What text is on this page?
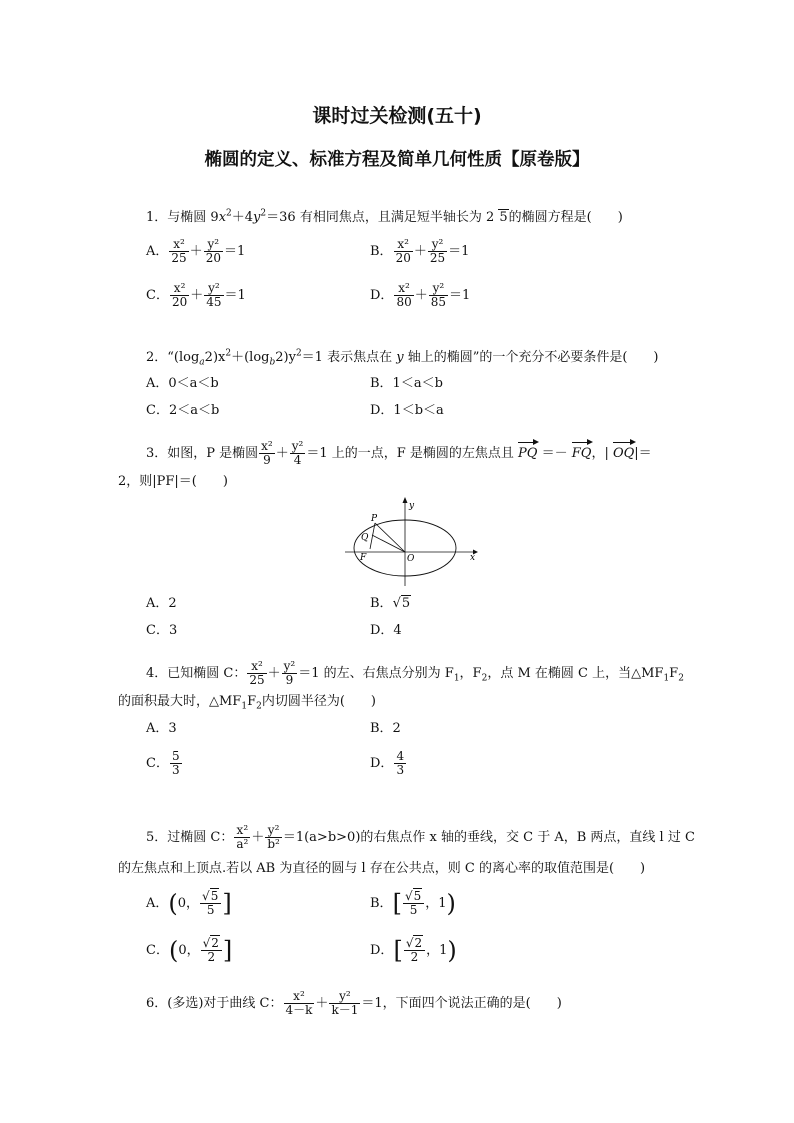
课时过关检测(五十)
椭圆的定义、标准方程及简单几何性质【原卷版】
1．与椭圆 $9x^2+4y^2=36$ 有相同焦点，且满足短半轴长为 2 5的椭圆方程是(　　)
A． $\frac{\text{x²}}{25} + \frac{\text{y²}}{20} =1$	B． $\frac{\text{x²}}{20} + \frac{\text{y²}}{25} =1$
C． $\frac{\text{x²}}{20} + \frac{\text{y²}}{45} =1$	D． $\frac{\text{x²}}{80} + \frac{\text{y²}}{85} =1$
2．“$(\log_a2)x^2+(\log_b2)y^2=1$ 表示焦点在 y 轴上的椭圆”的一个充分不必要条件是(　　)
A．0＜a＜b	B．1＜a＜b
C．2＜a＜b	D．1＜b＜a
3．如图，P 是椭圆 $\frac{\text{x²}}{9} + \frac{\text{y²}}{4} =1$ 上的一点，F 是椭圆的左焦点且 PQ ＝－ FQ，| OQ|＝
2，则|PF|＝(　　)
y
x
P
Q
F	O
A．2	B．√5
C．3	D．4
4．已知椭圆 C： $\frac{\text{x²}}{25} + \frac{\text{y²}}{9} =1$ 的左、右焦点分别为 $F_1$，$F_2$，点 M 在椭圆 C 上，当$\triangle MF_1F_2$
的面积最大时，$\triangle MF_1F_2$内切圆半径为(　　)
A．3	B．2
C． $\frac{5}{3}$	D． $\frac{4}{3}$
5．过椭圆 C： $\frac{\text{x²}}{\text{a²}} + \frac{\text{y²}}{\text{b²}} =1(a>b>0)$的右焦点作 x 轴的垂线，交 C 于 A，B 两点，直线 l 过 C
的左焦点和上顶点.若以 AB 为直径的圆与 l 存在公共点，则 C 的离心率的取值范围是(　　)
A．(0， $\frac{√5}{5}$ ]	B．[ $\frac{√5}{5}$ ，1)
C．(0， $\frac{√2}{2}$ ]	D．[ $\frac{√2}{2}$ ，1)
6．(多选)对于曲线 C： $\frac{\text{x²}}{4-k} + \frac{\text{y²}}{k-1} =1$，下面四个说法正确的是(　　)
